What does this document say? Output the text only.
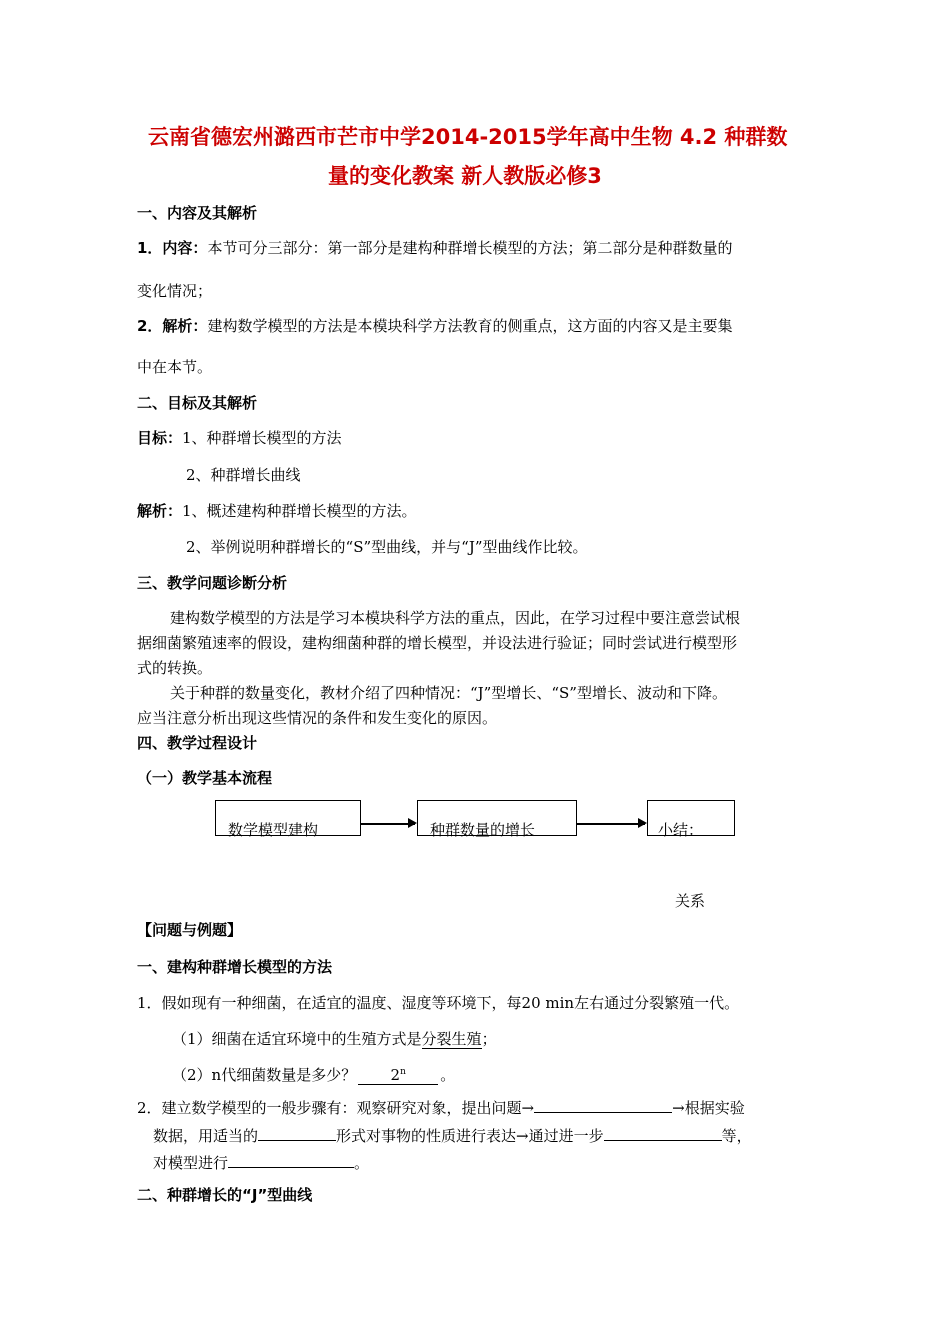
云南省德宏州潞西市芒市中学2014-2015学年高中生物 4.2 种群数
量的变化教案 新人教版必修3
一、内容及其解析
1．内容：本节可分三部分：第一部分是建构种群增长模型的方法；第二部分是种群数量的
变化情况；
2．解析：建构数学模型的方法是本模块科学方法教育的侧重点，这方面的内容又是主要集
中在本节。
二、目标及其解析
目标：1、种群增长模型的方法
2、种群增长曲线
解析：1、概述建构种群增长模型的方法。
2、举例说明种群增长的“S”型曲线，并与“J”型曲线作比较。
三、教学问题诊断分析
建构数学模型的方法是学习本模块科学方法的重点，因此，在学习过程中要注意尝试根
据细菌繁殖速率的假设，建构细菌种群的增长模型，并设法进行验证；同时尝试进行模型形
式的转换。
关于种群的数量变化，教材介绍了四种情况：“J”型增长、“S”型增长、波动和下降。
应当注意分析出现这些情况的条件和发生变化的原因。
四、教学过程设计
（一）教学基本流程
数学模型建构	种群数量的增长	小结：
关系
【问题与例题】
一、建构种群增长模型的方法
1．假如现有一种细菌，在适宜的温度、湿度等环境下，每20 min左右通过分裂繁殖一代。
（1）细菌在适宜环境中的生殖方式是分裂生殖；
（2）n代细菌数量是多少？ 2$^n$ 。
2．建立数学模型的一般步骤有：观察研究对象，提出问题→	→根据实验
数据，用适当的	形式对事物的性质进行表达→通过进一步	等，
对模型进行	。
二、种群增长的“J”型曲线
